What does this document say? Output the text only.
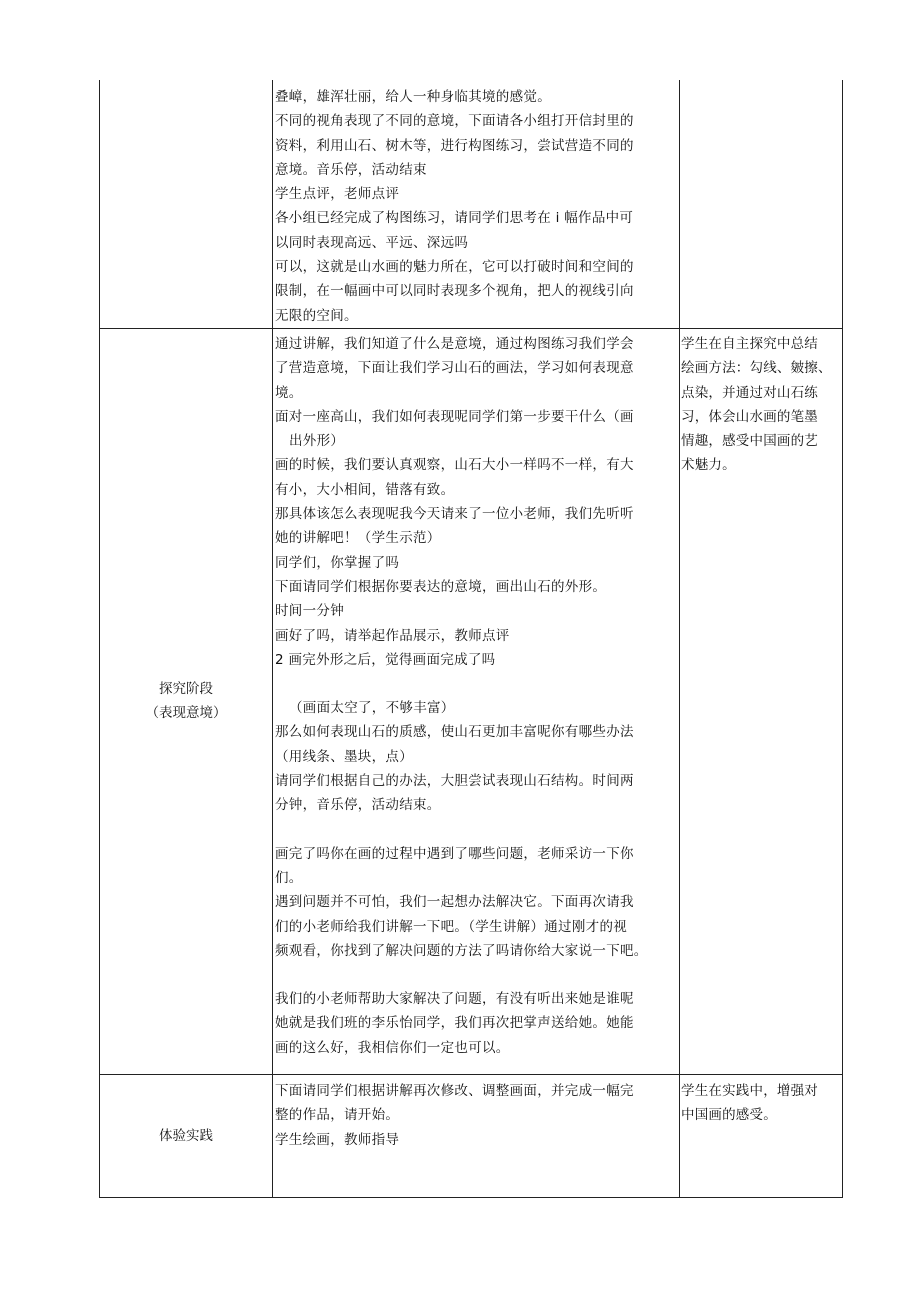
叠嶂，雄浑壮丽，给人一种身临其境的感觉。

不同的视角表现了不同的意境，下面请各小组打开信封里的

资料，利用山石、树木等，进行构图练习，尝试营造不同的

意境。音乐停，活动结束

学生点评，老师点评

各小组已经完成了构图练习，请同学们思考在 i 幅作品中可

以同时表现高远、平远、深远吗

可以，这就是山水画的魅力所在，它可以打破时间和空间的

限制，在一幅画中可以同时表现多个视角，把人的视线引向

无限的空间。

探究阶段
（表现意境）

通过讲解，我们知道了什么是意境，通过构图练习我们学会

了营造意境，下面让我们学习山石的画法，学习如何表现意

境。

面对一座高山，我们如何表现呢同学们第一步要干什么（画

出外形）

画的时候，我们要认真观察，山石大小一样吗不一样，有大

有小，大小相间，错落有致。

那具体该怎么表现呢我今天请来了一位小老师，我们先听听

她的讲解吧！（学生示范）

同学们，你掌握了吗

下面请同学们根据你要表达的意境，画出山石的外形。

时间一分钟

画好了吗，请举起作品展示，教师点评

2 画完外形之后，觉得画面完成了吗

（画面太空了，不够丰富）

那么如何表现山石的质感，使山石更加丰富呢你有哪些办法

（用线条、墨块，点）

请同学们根据自己的办法，大胆尝试表现山石结构。时间两

分钟，音乐停，活动结束。

画完了吗你在画的过程中遇到了哪些问题，老师采访一下你

们。

遇到问题并不可怕，我们一起想办法解决它。下面再次请我

们的小老师给我们讲解一下吧。（学生讲解）通过刚才的视

频观看，你找到了解决问题的方法了吗请你给大家说一下吧。

我们的小老师帮助大家解决了问题，有没有听出来她是谁呢

她就是我们班的李乐怡同学，我们再次把掌声送给她。她能

画的这么好，我相信你们一定也可以。

学生在自主探究中总结

绘画方法：勾线、皴擦、

点染，并通过对山石练

习，体会山水画的笔墨

情趣，感受中国画的艺

术魅力。

体验实践

下面请同学们根据讲解再次修改、调整画面，并完成一幅完

整的作品，请开始。

学生绘画，教师指导

学生在实践中，增强对

中国画的感受。
